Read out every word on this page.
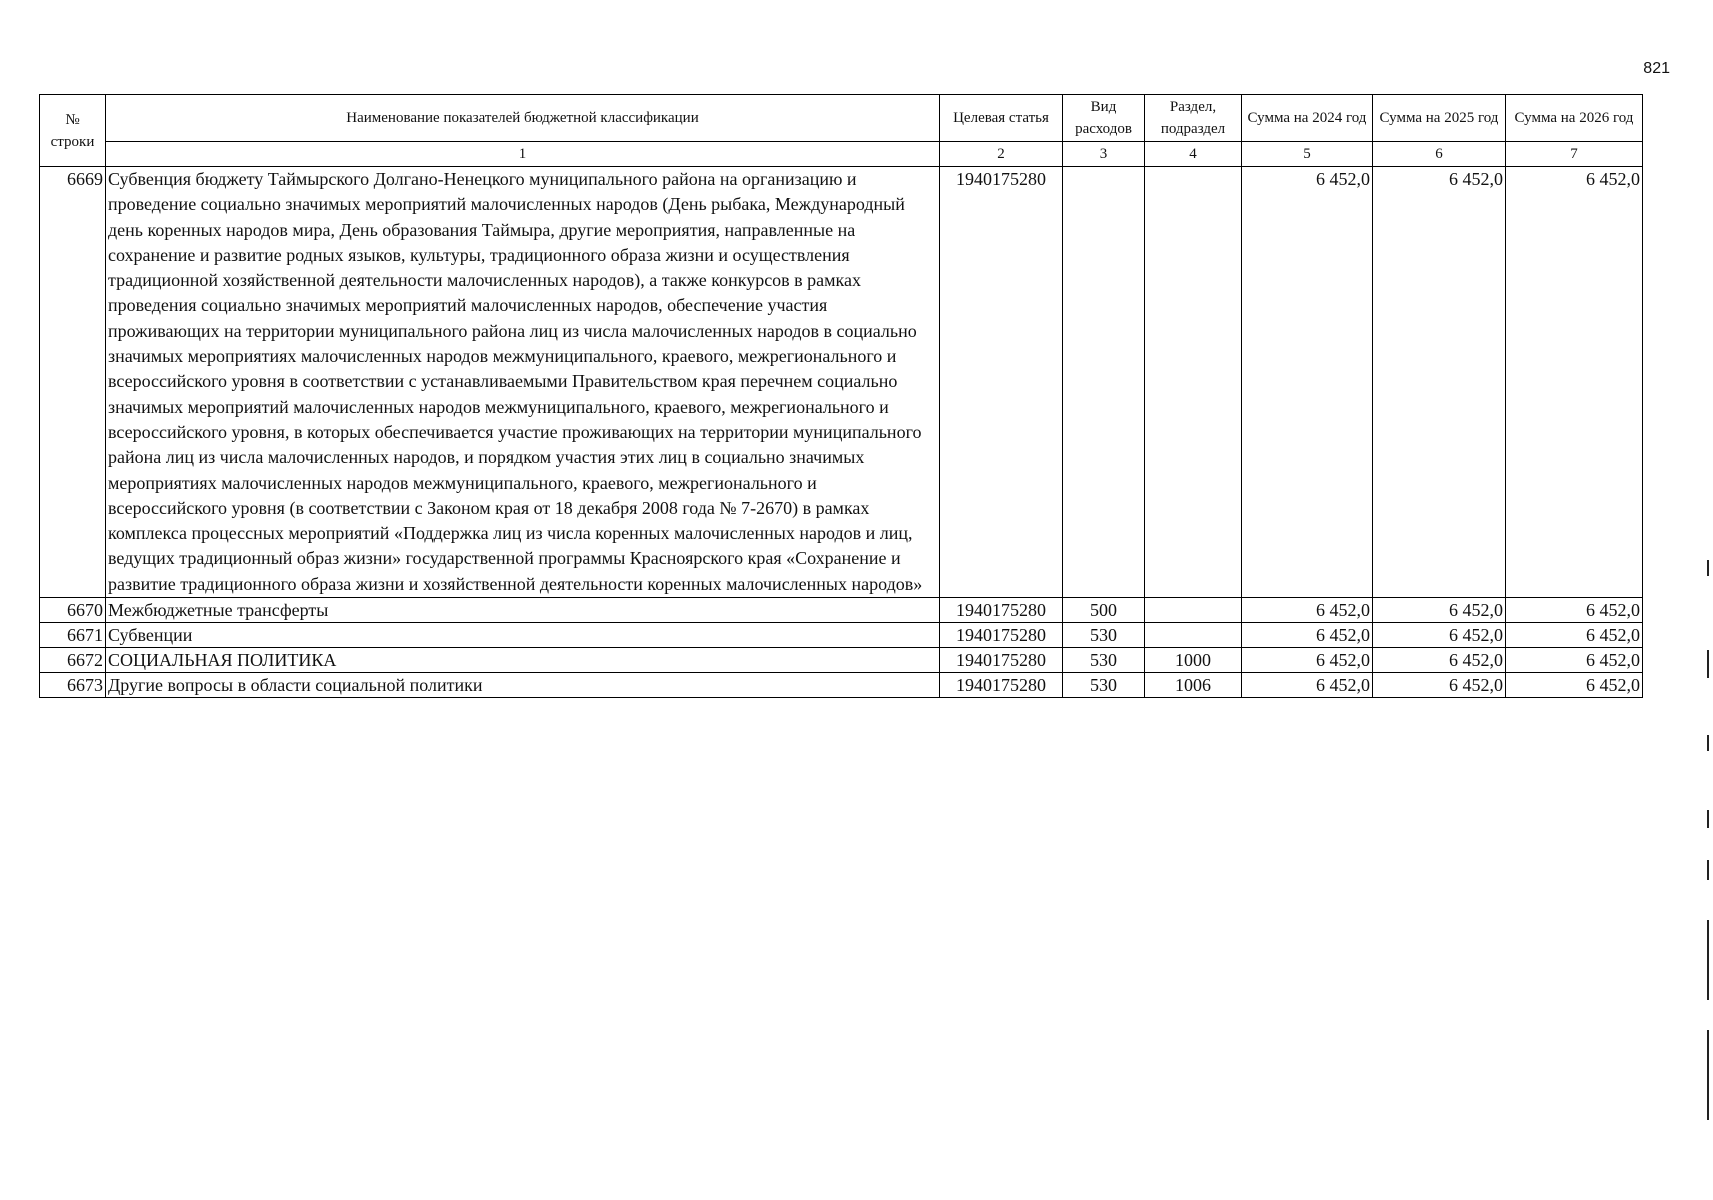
821
№ строки	Наименование показателей бюджетной классификации	Целевая статья	Вид расходов	Раздел, подраздел	Сумма на 2024 год	Сумма на 2025 год	Сумма на 2026 год
	1	2	3	4	5	6	7
6669	Субвенция бюджету Таймырского Долгано-Ненецкого муниципального района на организацию и проведение социально значимых мероприятий малочисленных народов (День рыбака, Международный день коренных народов мира, День образования Таймыра, другие мероприятия, направленные на сохранение и развитие родных языков, культуры, традиционного образа жизни и осуществления традиционной хозяйственной деятельности малочисленных народов), а также конкурсов в рамках проведения социально значимых мероприятий малочисленных народов, обеспечение участия проживающих на территории муниципального района лиц из числа малочисленных народов в социально значимых мероприятиях малочисленных народов межмуниципального, краевого, межрегионального и всероссийского уровня в соответствии с устанавливаемыми Правительством края перечнем социально значимых мероприятий малочисленных народов межмуниципального, краевого, межрегионального и всероссийского уровня, в которых обеспечивается участие проживающих на территории муниципального района лиц из числа малочисленных народов, и порядком участия этих лиц в социально значимых мероприятиях малочисленных народов межмуниципального, краевого, межрегионального и всероссийского уровня (в соответствии с Законом края от 18 декабря 2008 года № 7-2670) в рамках комплекса процессных мероприятий «Поддержка лиц из числа коренных малочисленных народов и лиц, ведущих традиционный образ жизни» государственной программы Красноярского края «Сохранение и развитие традиционного образа жизни и хозяйственной деятельности коренных малочисленных народов»	1940175280			6 452,0	6 452,0	6 452,0
6670	Межбюджетные трансферты	1940175280	500		6 452,0	6 452,0	6 452,0
6671	Субвенции	1940175280	530		6 452,0	6 452,0	6 452,0
6672	СОЦИАЛЬНАЯ ПОЛИТИКА	1940175280	530	1000	6 452,0	6 452,0	6 452,0
6673	Другие вопросы в области социальной политики	1940175280	530	1006	6 452,0	6 452,0	6 452,0
